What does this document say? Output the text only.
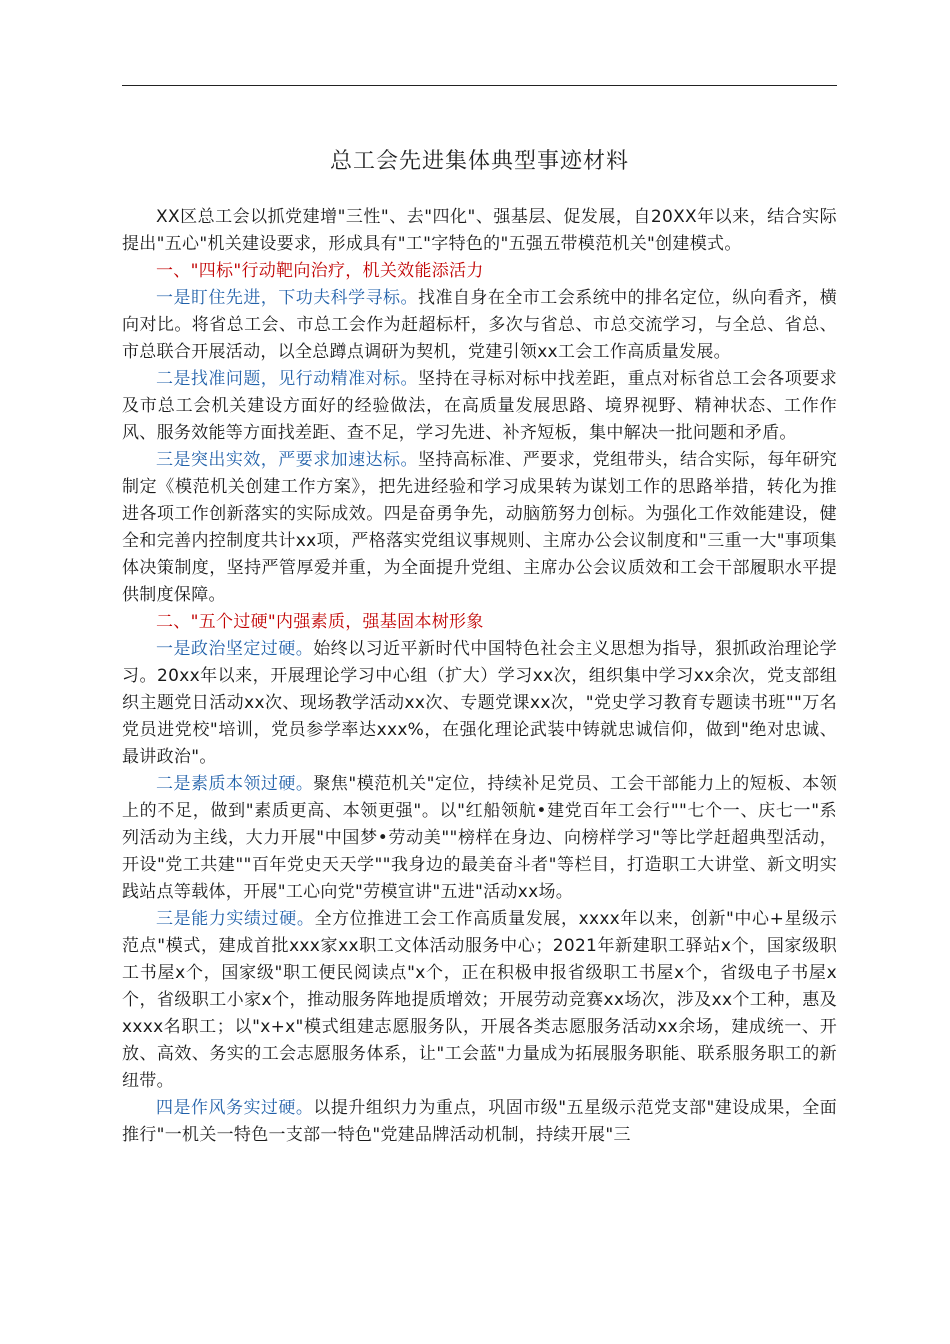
总工会先进集体典型事迹材料

XX区总工会以抓党建增"三性"、去"四化"、强基层、促发展，自20XX年以来，结合实际提出"五心"机关建设要求，形成具有"工"字特色的"五强五带模范机关"创建模式。

一、"四标"行动靶向治疗，机关效能添活力

一是盯住先进，下功夫科学寻标。找准自身在全市工会系统中的排名定位，纵向看齐，横向对比。将省总工会、市总工会作为赶超标杆，多次与省总、市总交流学习，与全总、省总、市总联合开展活动，以全总蹲点调研为契机，党建引领xx工会工作高质量发展。

二是找准问题，见行动精准对标。坚持在寻标对标中找差距，重点对标省总工会各项要求及市总工会机关建设方面好的经验做法，在高质量发展思路、境界视野、精神状态、工作作风、服务效能等方面找差距、查不足，学习先进、补齐短板，集中解决一批问题和矛盾。

三是突出实效，严要求加速达标。坚持高标准、严要求，党组带头，结合实际，每年研究制定《模范机关创建工作方案》，把先进经验和学习成果转为谋划工作的思路举措，转化为推进各项工作创新落实的实际成效。四是奋勇争先，动脑筋努力创标。为强化工作效能建设，健全和完善内控制度共计xx项，严格落实党组议事规则、主席办公会议制度和"三重一大"事项集体决策制度，坚持严管厚爱并重，为全面提升党组、主席办公会议质效和工会干部履职水平提供制度保障。

二、"五个过硬"内强素质，强基固本树形象

一是政治坚定过硬。始终以习近平新时代中国特色社会主义思想为指导，狠抓政治理论学习。20xx年以来，开展理论学习中心组（扩大）学习xx次，组织集中学习xx余次，党支部组织主题党日活动xx次、现场教学活动xx次、专题党课xx次，"党史学习教育专题读书班""万名党员进党校"培训，党员参学率达xxx%，在强化理论武装中铸就忠诚信仰，做到"绝对忠诚、最讲政治"。

二是素质本领过硬。聚焦"模范机关"定位，持续补足党员、工会干部能力上的短板、本领上的不足，做到"素质更高、本领更强"。以"红船领航•建党百年工会行""七个一、庆七一"系列活动为主线，大力开展"中国梦•劳动美""榜样在身边、向榜样学习"等比学赶超典型活动，开设"党工共建""百年党史天天学""我身边的最美奋斗者"等栏目，打造职工大讲堂、新文明实践站点等载体，开展"工心向党"劳模宣讲"五进"活动xx场。

三是能力实绩过硬。全方位推进工会工作高质量发展，xxxx年以来，创新"中心+星级示范点"模式，建成首批xxx家xx职工文体活动服务中心；2021年新建职工驿站x个，国家级职工书屋x个，国家级"职工便民阅读点"x个，正在积极申报省级职工书屋x个，省级电子书屋x个，省级职工小家x个，推动服务阵地提质增效；开展劳动竞赛xx场次，涉及xx个工种，惠及xxxx名职工；以"x+x"模式组建志愿服务队，开展各类志愿服务活动xx余场，建成统一、开放、高效、务实的工会志愿服务体系，让"工会蓝"力量成为拓展服务职能、联系服务职工的新纽带。

四是作风务实过硬。以提升组织力为重点，巩固市级"五星级示范党支部"建设成果，全面推行"一机关一特色一支部一特色"党建品牌活动机制，持续开展"三
